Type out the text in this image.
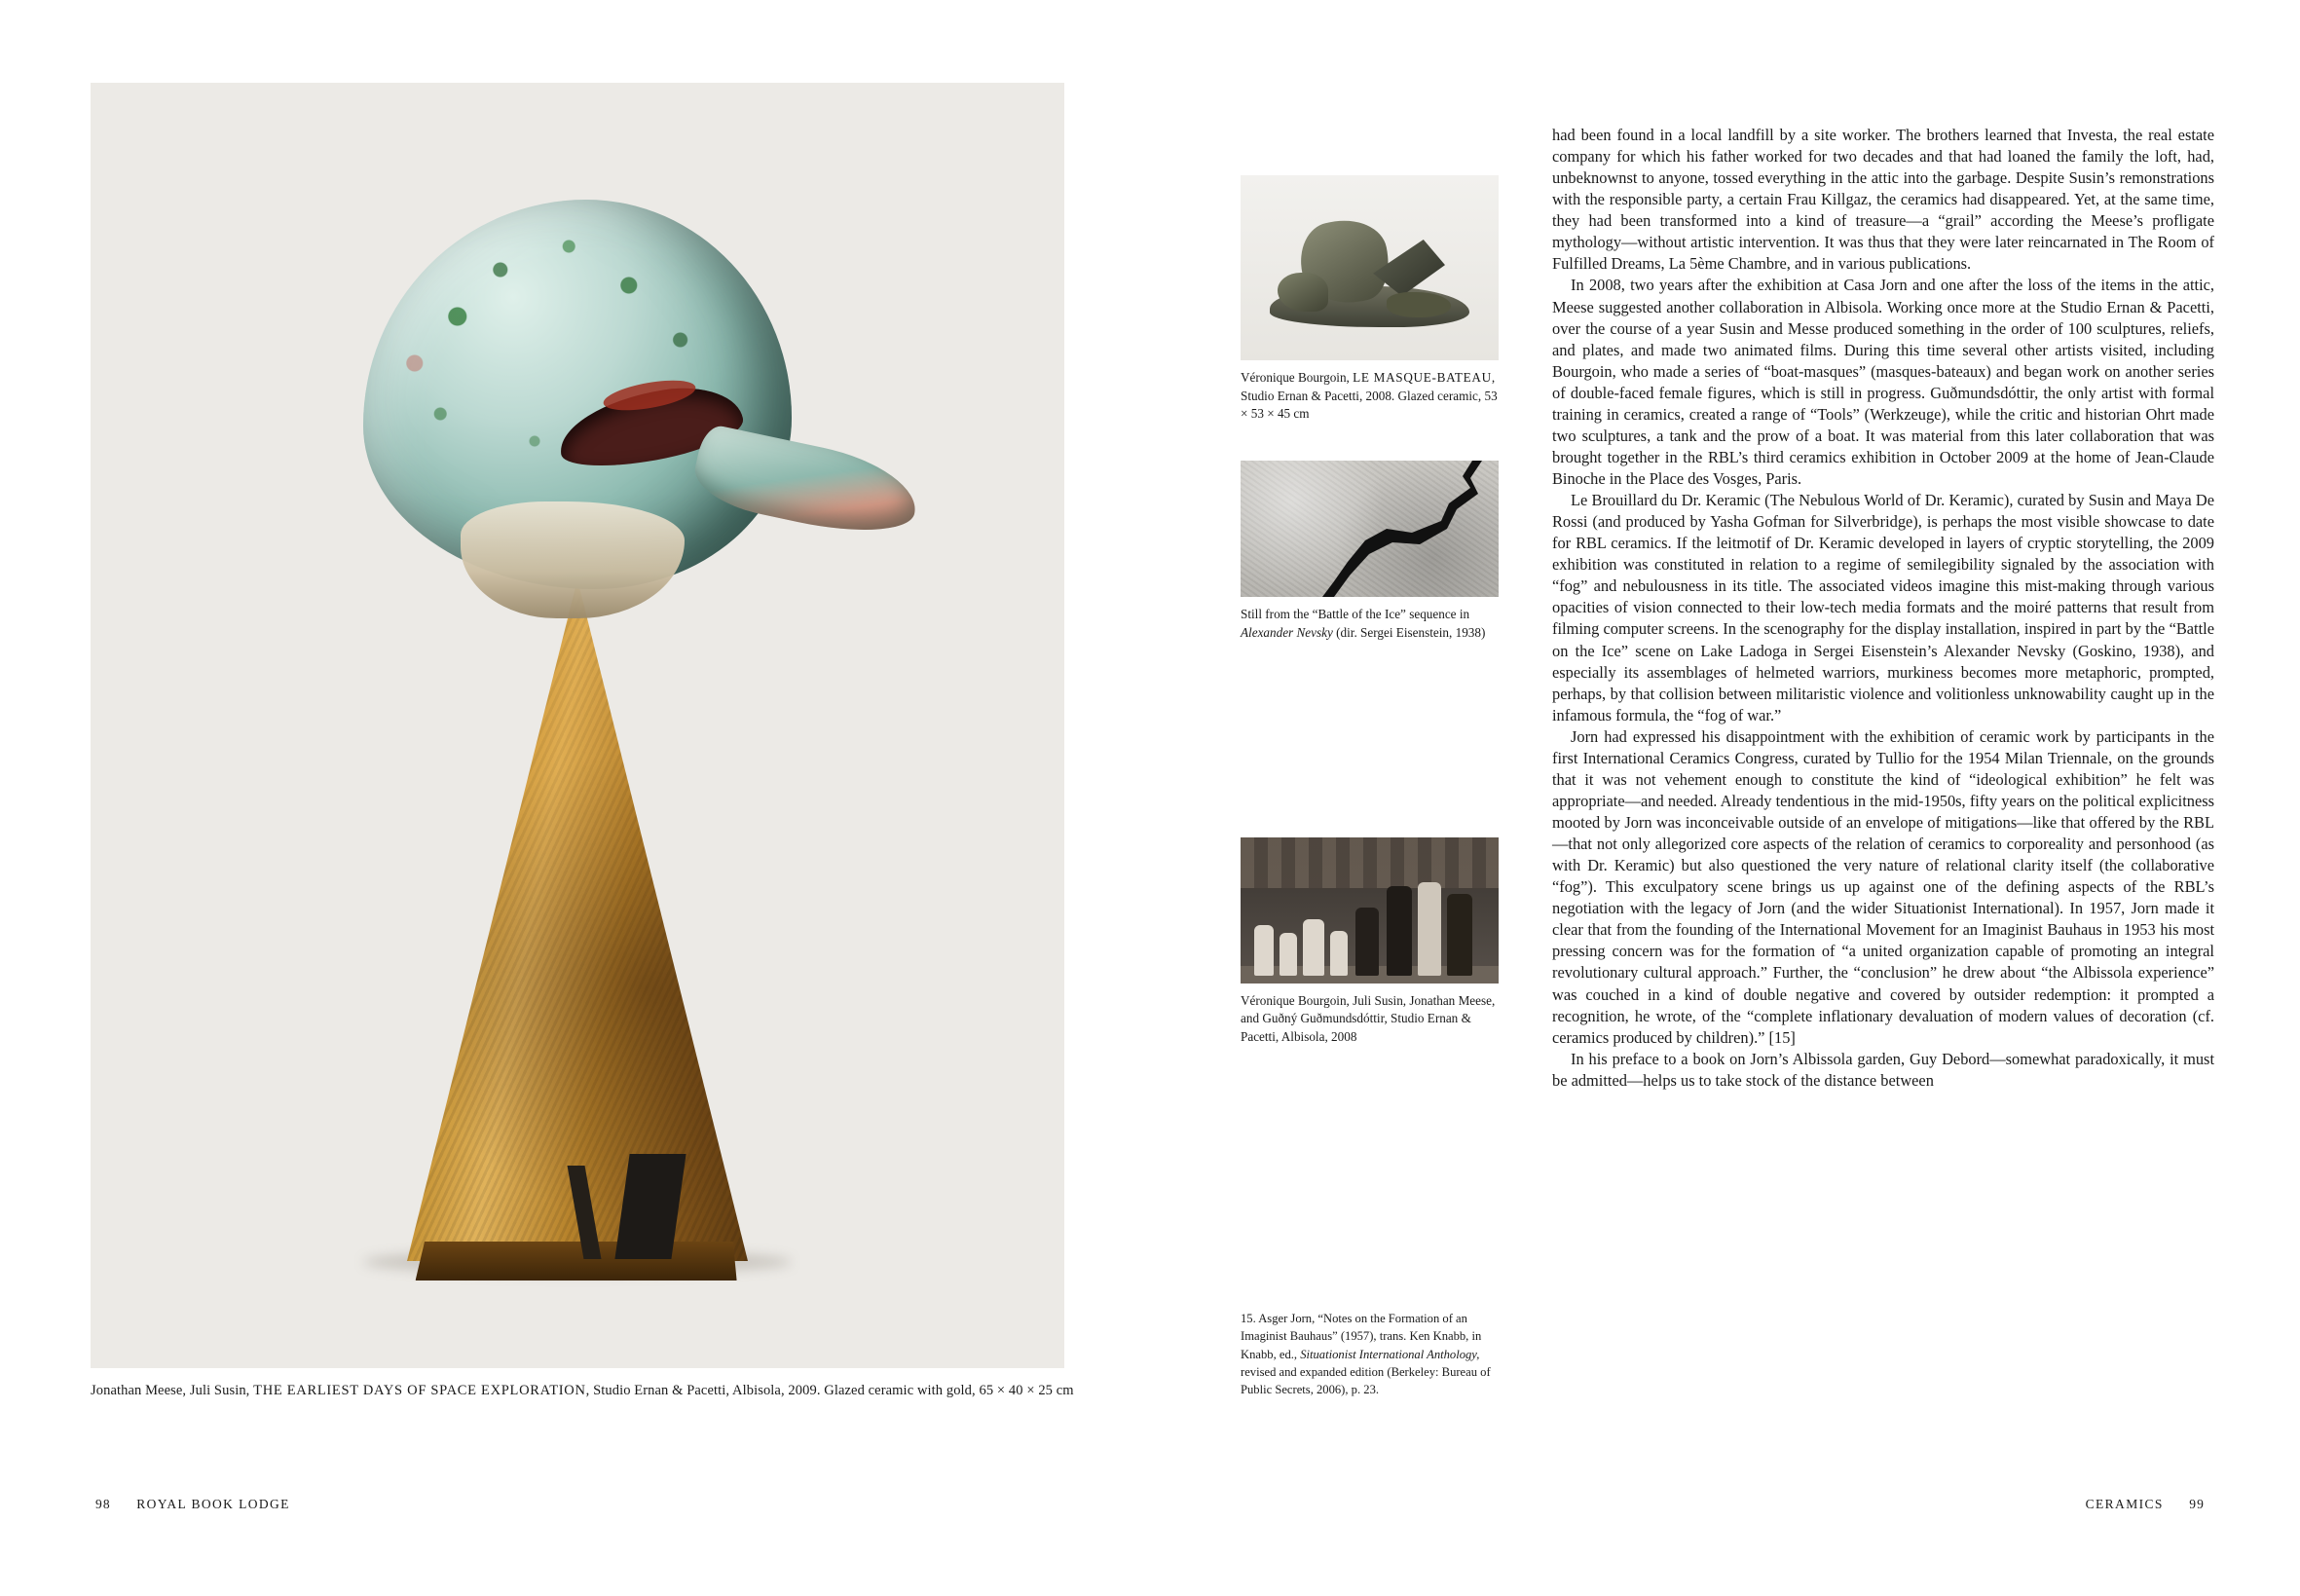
Jonathan Meese, Juli Susin, THE EARLIEST DAYS OF SPACE EXPLORATION, Studio Ernan & Pacetti, Albisola, 2009. Glazed ceramic with gold, 65 × 40 × 25 cm
98 ROYAL BOOK LODGE
Véronique Bourgoin, LE MASQUE-BATEAU, Studio Ernan & Pacetti, 2008. Glazed ceramic, 53 × 53 × 45 cm
Still from the “Battle of the Ice” sequence in
Alexander Nevsky (dir. Sergei Eisenstein, 1938)
Véronique Bourgoin, Juli Susin, Jonathan Meese, and Guðný Guðmundsdóttir, Studio Ernan & Pacetti, Albisola, 2008
15. Asger Jorn, “Notes on the Formation of an Imaginist Bauhaus” (1957), trans. Ken Knabb, in Knabb, ed., Situationist International Anthology, revised and expanded edition (Berkeley: Bureau of Public Secrets, 2006), p. 23.

had been found in a local landfill by a site worker. The brothers learned that Investa, the real estate company for which his father worked for two decades and that had loaned the family the loft, had, unbeknownst to anyone, tossed everything in the attic into the garbage. Despite Susin’s remonstrations with the responsible party, a certain Frau Killgaz, the ceramics had disappeared. Yet, at the same time, they had been transformed into a kind of treasure—a “grail” according the Meese’s profligate mythology—without artistic intervention. It was thus that they were later reincarnated in The Room of Fulfilled Dreams, La 5ème Chambre, and in various publications.

In 2008, two years after the exhibition at Casa Jorn and one after the loss of the items in the attic, Meese suggested another collaboration in Albisola. Working once more at the Studio Ernan & Pacetti, over the course of a year Susin and Messe produced something in the order of 100 sculptures, reliefs, and plates, and made two animated films. During this time several other artists visited, including Bourgoin, who made a series of “boat-masques” (masques-bateaux) and began work on another series of double-faced female figures, which is still in progress. Guðmundsdóttir, the only artist with formal training in ceramics, created a range of “Tools” (Werkzeuge), while the critic and historian Ohrt made two sculptures, a tank and the prow of a boat. It was material from this later collaboration that was brought together in the RBL’s third ceramics exhibition in October 2009 at the home of Jean-Claude Binoche in the Place des Vosges, Paris.

Le Brouillard du Dr. Keramic (The Nebulous World of Dr. Keramic), curated by Susin and Maya De Rossi (and produced by Yasha Gofman for Silverbridge), is perhaps the most visible showcase to date for RBL ceramics. If the leitmotif of Dr. Keramic developed in layers of cryptic storytelling, the 2009 exhibition was constituted in relation to a regime of semilegibility signaled by the association with “fog” and nebulousness in its title. The associated videos imagine this mist-making through various opacities of vision connected to their low-tech media formats and the moiré patterns that result from filming computer screens. In the scenography for the display installation, inspired in part by the “Battle on the Ice” scene on Lake Ladoga in Sergei Eisenstein’s Alexander Nevsky (Goskino, 1938), and especially its assemblages of helmeted warriors, murkiness becomes more metaphoric, prompted, perhaps, by that collision between militaristic violence and volitionless unknowability caught up in the infamous formula, the “fog of war.”

Jorn had expressed his disappointment with the exhibition of ceramic work by participants in the first International Ceramics Congress, curated by Tullio for the 1954 Milan Triennale, on the grounds that it was not vehement enough to constitute the kind of “ideological exhibition” he felt was appropriate—and needed. Already tendentious in the mid-1950s, fifty years on the political explicitness mooted by Jorn was inconceivable outside of an envelope of mitigations—like that offered by the RBL—that not only allegorized core aspects of the relation of ceramics to corporeality and personhood (as with Dr. Keramic) but also questioned the very nature of relational clarity itself (the collaborative “fog”). This exculpatory scene brings us up against one of the defining aspects of the RBL’s negotiation with the legacy of Jorn (and the wider Situationist International). In 1957, Jorn made it clear that from the founding of the International Movement for an Imaginist Bauhaus in 1953 his most pressing concern was for the formation of “a united organization capable of promoting an integral revolutionary cultural approach.” Further, the “conclusion” he drew about “the Albissola experience” was couched in a kind of double negative and covered by outsider redemption: it prompted a recognition, he wrote, of the “complete inflationary devaluation of modern values of decoration (cf. ceramics produced by children).” [15]

In his preface to a book on Jorn’s Albissola garden, Guy Debord—somewhat paradoxically, it must be admitted—helps us to take stock of the distance between

CERAMICS 99
